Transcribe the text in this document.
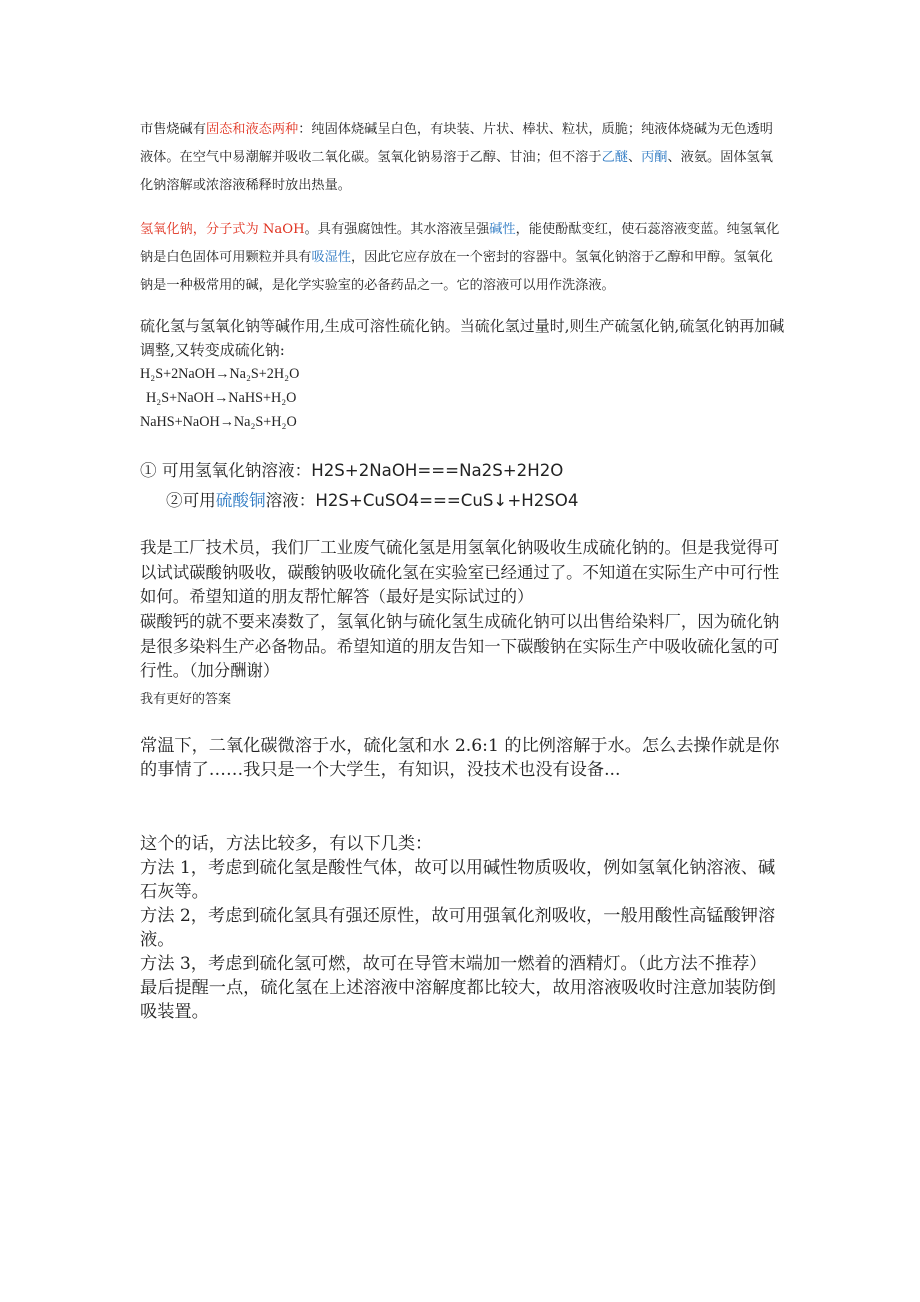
市售烧碱有固态和液态两种：纯固体烧碱呈白色，有块装、片状、棒状、粒状，质脆；纯液体烧碱为无色透明液体。在空气中易潮解并吸收二氧化碳。氢氧化钠易溶于乙醇、甘油；但不溶于乙醚、丙酮、液氨。固体氢氧化钠溶解或浓溶液稀释时放出热量。

氢氧化钠，分子式为 NaOH。具有强腐蚀性。其水溶液呈强碱性，能使酚酞变红，使石蕊溶液变蓝。纯氢氧化钠是白色固体可用颗粒并具有吸湿性，因此它应存放在一个密封的容器中。氢氧化钠溶于乙醇和甲醇。氢氧化钠是一种极常用的碱，是化学实验室的必备药品之一。它的溶液可以用作洗涤液。

硫化氢与氢氧化钠等碱作用,生成可溶性硫化钠。当硫化氢过量时,则生产硫氢化钠,硫氢化钠再加碱调整,又转变成硫化钠:

H₂S+2NaOH→Na₂S+2H₂O
H₂S+NaOH→NaHS+H₂O
NaHS+NaOH→Na₂S+H₂O
① 可用氢氧化钠溶液：H2S+2NaOH===Na2S+2H2O
②可用硫酸铜溶液：H2S+CuSO4===CuS↓+H2SO4

我是工厂技术员，我们厂工业废气硫化氢是用氢氧化钠吸收生成硫化钠的。但是我觉得可以试试碳酸钠吸收，碳酸钠吸收硫化氢在实验室已经通过了。不知道在实际生产中可行性如何。希望知道的朋友帮忙解答（最好是实际试过的）

碳酸钙的就不要来凑数了，氢氧化钠与硫化氢生成硫化钠可以出售给染料厂，因为硫化钠是很多染料生产必备物品。希望知道的朋友告知一下碳酸钠在实际生产中吸收硫化氢的可行性。（加分酬谢）

我有更好的答案

常温下，二氧化碳微溶于水，硫化氢和水 2.6:1 的比例溶解于水。怎么去操作就是你的事情了……我只是一个大学生，有知识，没技术也没有设备...

这个的话，方法比较多，有以下几类：
方法 1，考虑到硫化氢是酸性气体，故可以用碱性物质吸收，例如氢氧化钠溶液、碱石灰等。
方法 2，考虑到硫化氢具有强还原性，故可用强氧化剂吸收，一般用酸性高锰酸钾溶液。
方法 3，考虑到硫化氢可燃，故可在导管末端加一燃着的酒精灯。（此方法不推荐）
最后提醒一点，硫化氢在上述溶液中溶解度都比较大，故用溶液吸收时注意加装防倒吸装置。
